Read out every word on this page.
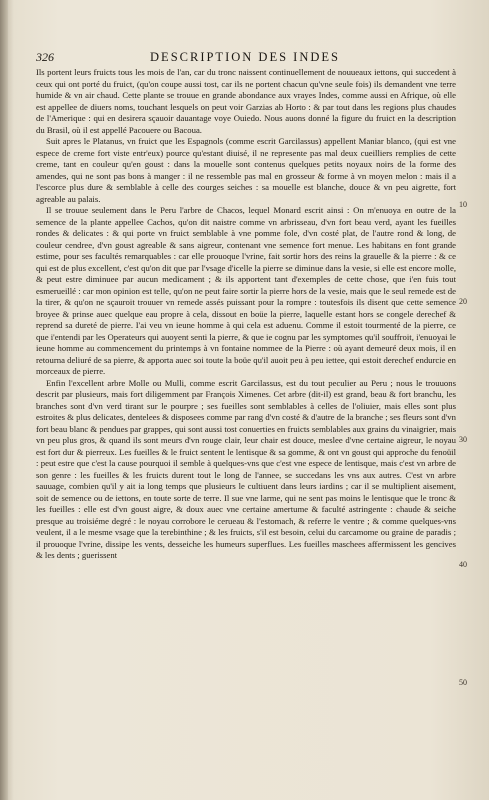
326	DESCRIPTION DES INDES

Ils portent leurs fruicts tous les mois de l'an, car du tronc naissent continuellement de nouueaux iettons, qui succedent à ceux qui ont porté du fruict, (qu'on coupe aussi tost, car ils ne portent chacun qu'vne seule fois) ils demandent vne terre humide & vn air chaud. Cette plante se trouue en grande abondance aux vrayes Indes, comme aussi en Afrique, où elle est appellee de diuers noms, touchant lesquels on peut voir Garzias ab Horto : & par tout dans les regions plus chaudes de l'Amerique : qui en desirera sçauoir dauantage voye Ouiedo. Nous auons donné la figure du fruict en la description du Brasil, où il est appellé Pacouere ou Bacoua.

Suit apres le Platanus, vn fruict que les Espagnols (comme escrit Garcilassus) appellent Maniar blanco, (qui est vne espece de creme fort viste entr'eux) pource qu'estant diuisé, il ne represente pas mal deux cueilliers remplies de cette creme, tant en couleur qu'en goust : dans la mouelle sont contenus quelques petits noyaux noirs de la forme des amendes, qui ne sont pas bons à manger : il ne ressemble pas mal en grosseur & forme à vn moyen melon : mais il a l'escorce plus dure & semblable à celle des courges seiches : sa mouelle est blanche, douce & vn peu aigrette, fort agreable au palais.

Il se trouue seulement dans le Peru l'arbre de Chacos, lequel Monard escrit ainsi : On m'enuoya en outre de la semence de la plante appellee Cachos, qu'on dit naistre comme vn arbrisseau, d'vn fort beau verd, ayant les fueilles rondes & delicates : & qui porte vn fruict semblable à vne pomme fole, d'vn costé plat, de l'autre rond & long, de couleur cendree, d'vn goust agreable & sans aigreur, contenant vne semence fort menue. Les habitans en font grande estime, pour ses facultés remarquables : car elle prouoque l'vrine, fait sortir hors des reins la grauelle & la pierre : & ce qui est de plus excellent, c'est qu'on dit que par l'vsage d'icelle la pierre se diminue dans la vesie, si elle est encore molle, & peut estre diminuee par aucun medicament ; & ils apportent tant d'exemples de cette chose, que i'en fuis tout esmerueillé : car mon opinion est telle, qu'on ne peut faire sortir la pierre hors de la vesie, mais que le seul remede est de la tirer, & qu'on ne sçauroit trouuer vn remede assés puissant pour la rompre : toutesfois ils disent que cette semence broyee & prinse auec quelque eau propre à cela, dissout en boüe la pierre, laquelle estant hors se congele derechef & reprend sa dureté de pierre. I'ai veu vn ieune homme à qui cela est aduenu. Comme il estoit tourmenté de la pierre, ce que i'entendi par les Operateurs qui auoyent senti la pierre, & que ie cognu par les symptomes qu'il souffroit, i'enuoyai le ieune homme au commencement du printemps à vn fontaine nommee de la Pierre : où ayant demeuré deux mois, il en retourna deliuré de sa pierre, & apporta auec soi toute la boüe qu'il auoit peu à peu iettee, qui estoit derechef endurcie en morceaux de pierre.

Enfin l'excellent arbre Molle ou Mulli, comme escrit Garcilassus, est du tout peculier au Peru ; nous le trouuons descrit par plusieurs, mais fort diligemment par François Ximenes. Cet arbre (dit-il) est grand, beau & fort branchu, les branches sont d'vn verd tirant sur le pourpre ; ses fueilles sont semblables à celles de l'oliuier, mais elles sont plus estroites & plus delicates, dentelees & disposees comme par rang d'vn costé & d'autre de la branche ; ses fleurs sont d'vn fort beau blanc & pendues par grappes, qui sont aussi tost conuerties en fruicts semblables aux grains du vinaigrier, mais vn peu plus gros, & quand ils sont meurs d'vn rouge clair, leur chair est douce, meslee d'vne certaine aigreur, le noyau est fort dur & pierreux. Les fueilles & le fruict sentent le lentisque & sa gomme, & ont vn goust qui approche du fenoüil : peut estre que c'est la cause pourquoi il semble à quelques-vns que c'est vne espece de lentisque, mais c'est vn arbre de son genre : les fueilles & les fruicts durent tout le long de l'annee, se succedans les vns aux autres. C'est vn arbre sauuage, combien qu'il y ait ia long temps que plusieurs le cultiuent dans leurs iardins ; car il se multiplient aisement, soit de semence ou de iettons, en toute sorte de terre. Il sue vne larme, qui ne sent pas moins le lentisque que le tronc & les fueilles : elle est d'vn goust aigre, & doux auec vne certaine amertume & faculté astringente : chaude & seiche presque au troisiéme degré : le noyau corrobore le cerueau & l'estomach, & referre le ventre ; & comme quelques-vns veulent, il a le mesme vsage que la terebinthine ; & les fruicts, s'il est besoin, celui du carcamome ou graine de paradis ; il prouoque l'vrine, dissipe les vents, desseiche les humeurs superflues. Les fueilles maschees affermissent les gencives & les dents ; guerissent

10
20
30
40
50
